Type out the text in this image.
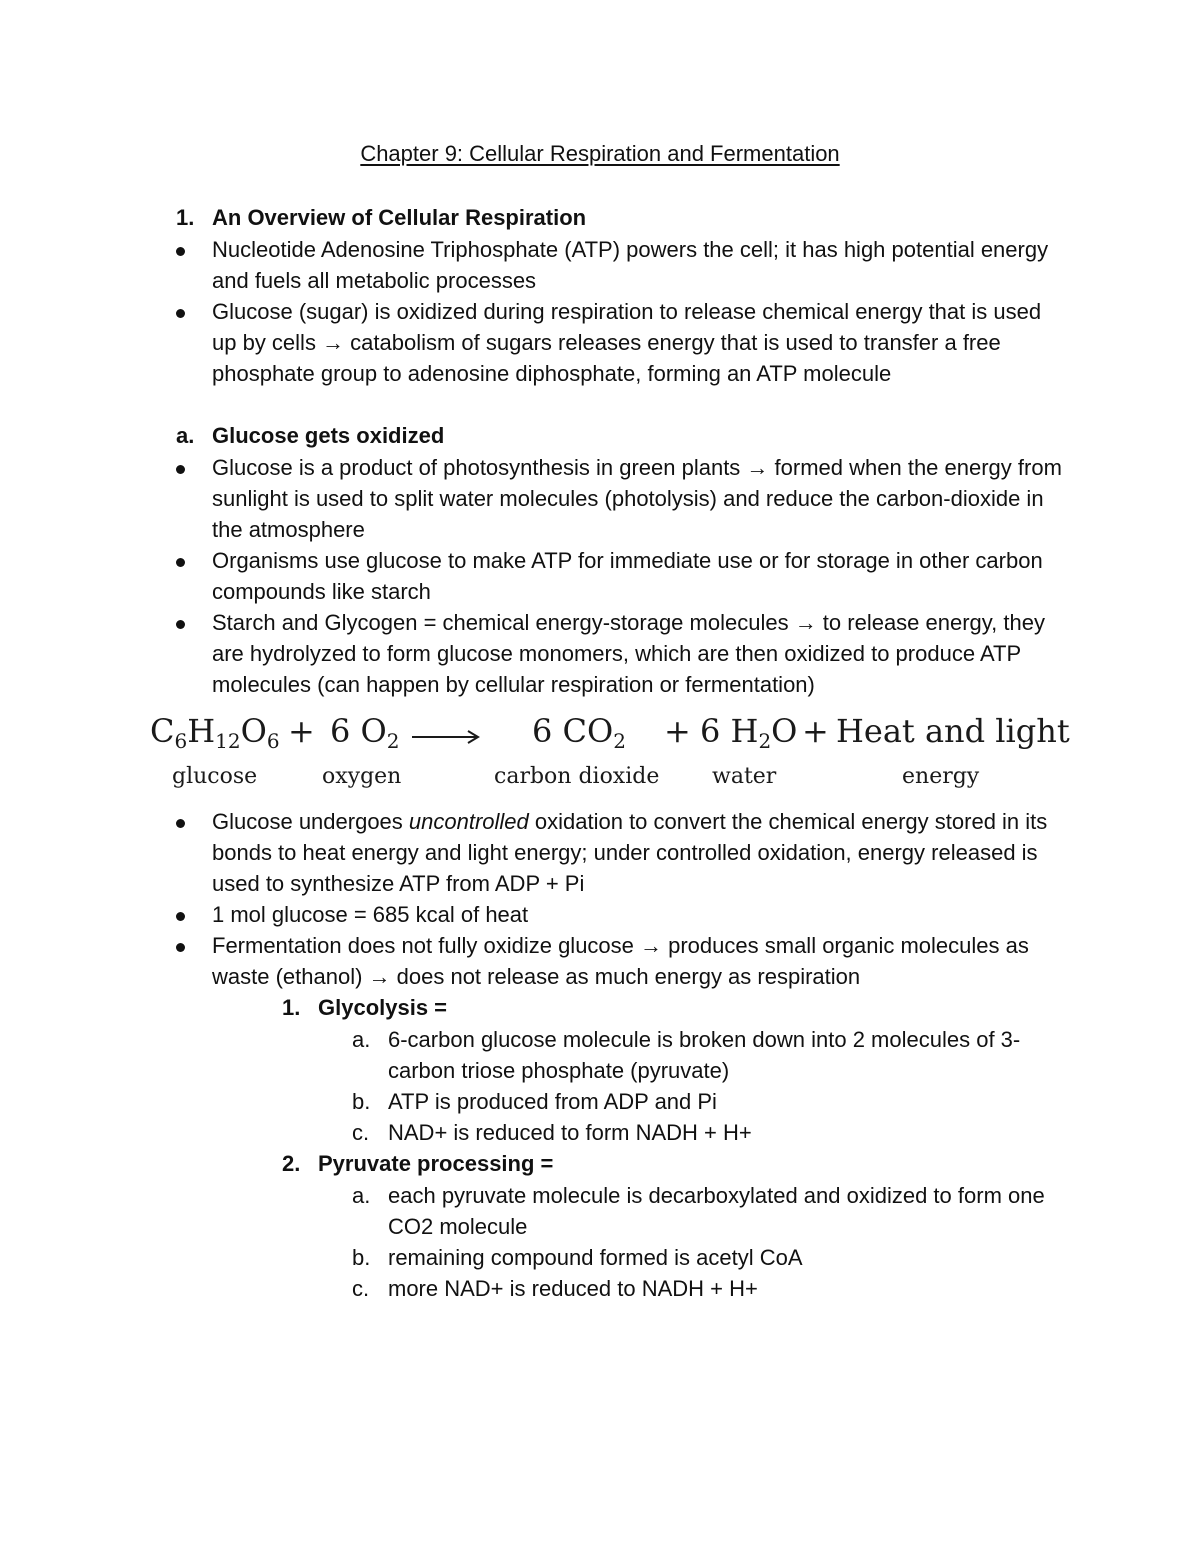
Chapter 9: Cellular Respiration and Fermentation
1. An Overview of Cellular Respiration
Nucleotide Adenosine Triphosphate (ATP) powers the cell; it has high potential energy and fuels all metabolic processes
Glucose (sugar) is oxidized during respiration to release chemical energy that is used up by cells → catabolism of sugars releases energy that is used to transfer a free phosphate group to adenosine diphosphate, forming an ATP molecule
a. Glucose gets oxidized
Glucose is a product of photosynthesis in green plants → formed when the energy from sunlight is used to split water molecules (photolysis) and reduce the carbon-dioxide in the atmosphere
Organisms use glucose to make ATP for immediate use or for storage in other carbon compounds like starch
Starch and Glycogen = chemical energy-storage molecules → to release energy, they are hydrolyzed to form glucose monomers, which are then oxidized to produce ATP molecules (can happen by cellular respiration or fermentation)
$C_6H_{12}O_6 + 6$ $O_2 \to 6$ $CO_2 + 6$ $H_2O$ + Heat and light
glucose	oxygen	carbon dioxide water	energy
Glucose undergoes uncontrolled oxidation to convert the chemical energy stored in its bonds to heat energy and light energy; under controlled oxidation, energy released is used to synthesize ATP from ADP + Pi
1 mol glucose = 685 kcal of heat
Fermentation does not fully oxidize glucose → produces small organic molecules as waste (ethanol) → does not release as much energy as respiration
1. Glycolysis =
a. 6-carbon glucose molecule is broken down into 2 molecules of 3-carbon triose phosphate (pyruvate)
b. ATP is produced from ADP and Pi
c. NAD+ is reduced to form NADH + H+
2. Pyruvate processing =
a. each pyruvate molecule is decarboxylated and oxidized to form one CO2 molecule
b. remaining compound formed is acetyl CoA
c. more NAD+ is reduced to NADH + H+
